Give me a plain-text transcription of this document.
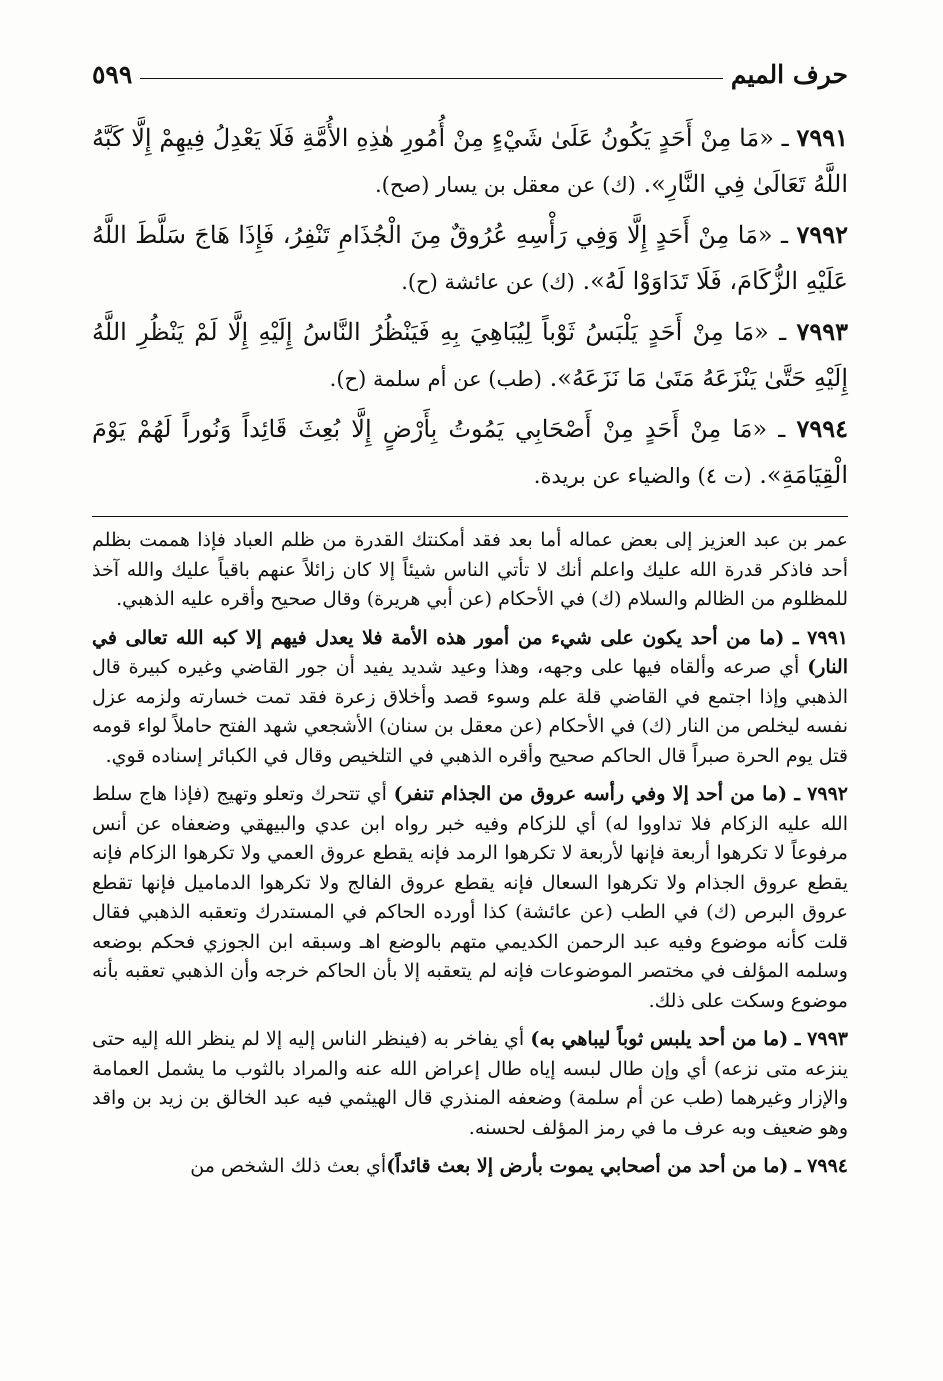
حرف الميم
٥٩٩

٧٩٩١ ـ «مَا مِنْ أَحَدٍ يَكُونُ عَلَىٰ شَيْءٍ مِنْ أُمُورِ هٰذِهِ الأُمَّةِ فَلَا يَعْدِلُ فِيهِمْ إِلَّا كَبَّهُ اللَّهُ تَعَالَىٰ فِي النَّارِ». (ك) عن معقل بن يسار (صح).

٧٩٩٢ ـ «مَا مِنْ أَحَدٍ إِلَّا وَفِي رَأْسِهِ عُرُوقٌ مِنَ الْجُذَامِ تَنْفِرُ، فَإِذَا هَاجَ سَلَّطَ اللَّهُ عَلَيْهِ الزُّكَامَ، فَلَا تَدَاوَوْا لَهُ». (ك) عن عائشة (ح).

٧٩٩٣ ـ «مَا مِنْ أَحَدٍ يَلْبَسُ ثَوْباً لِيُبَاهِيَ بِهِ فَيَنْظُرُ النَّاسُ إِلَيْهِ إِلَّا لَمْ يَنْظُرِ اللَّهُ إِلَيْهِ حَتَّىٰ يَنْزَعَهُ مَتَىٰ مَا نَزَعَهُ». (طب) عن أم سلمة (ح).

٧٩٩٤ ـ «مَا مِنْ أَحَدٍ مِنْ أَصْحَابِي يَمُوتُ بِأَرْضٍ إِلَّا بُعِثَ قَائِداً وَنُوراً لَهُمْ يَوْمَ الْقِيَامَةِ». (ت ٤) والضياء عن بريدة.

عمر بن عبد العزيز إلى بعض عماله أما بعد فقد أمكنتك القدرة من ظلم العباد فإذا هممت بظلم أحد فاذكر قدرة الله عليك واعلم أنك لا تأتي الناس شيئاً إلا كان زائلاً عنهم باقياً عليك والله آخذ للمظلوم من الظالم والسلام (ك) في الأحكام (عن أبي هريرة) وقال صحيح وأقره عليه الذهبي.

٧٩٩١ ـ (ما من أحد يكون على شيء من أمور هذه الأمة فلا يعدل فيهم إلا كبه الله تعالى في النار) أي صرعه وألقاه فيها على وجهه، وهذا وعيد شديد يفيد أن جور القاضي وغيره كبيرة قال الذهبي وإذا اجتمع في القاضي قلة علم وسوء قصد وأخلاق زعرة فقد تمت خسارته ولزمه عزل نفسه ليخلص من النار (ك) في الأحكام (عن معقل بن سنان) الأشجعي شهد الفتح حاملاً لواء قومه قتل يوم الحرة صبراً قال الحاكم صحيح وأقره الذهبي في التلخيص وقال في الكبائر إسناده قوي.

٧٩٩٢ ـ (ما من أحد إلا وفي رأسه عروق من الجذام تنفر) أي تتحرك وتعلو وتهيج (فإذا هاج سلط الله عليه الزكام فلا تداووا له) أي للزكام وفيه خبر رواه ابن عدي والبيهقي وضعفاه عن أنس مرفوعاً لا تكرهوا أربعة فإنها لأربعة لا تكرهوا الرمد فإنه يقطع عروق العمي ولا تكرهوا الزكام فإنه يقطع عروق الجذام ولا تكرهوا السعال فإنه يقطع عروق الفالج ولا تكرهوا الدماميل فإنها تقطع عروق البرص (ك) في الطب (عن عائشة) كذا أورده الحاكم في المستدرك وتعقبه الذهبي فقال قلت كأنه موضوع وفيه عبد الرحمن الكديمي متهم بالوضع اهـ وسبقه ابن الجوزي فحكم بوضعه وسلمه المؤلف في مختصر الموضوعات فإنه لم يتعقبه إلا بأن الحاكم خرجه وأن الذهبي تعقبه بأنه موضوع وسكت على ذلك.

٧٩٩٣ ـ (ما من أحد يلبس ثوباً ليباهي به) أي يفاخر به (فينظر الناس إليه إلا لم ينظر الله إليه حتى ينزعه متى نزعه) أي وإن طال لبسه إياه طال إعراض الله عنه والمراد بالثوب ما يشمل العمامة والإزار وغيرهما (طب عن أم سلمة) وضعفه المنذري قال الهيثمي فيه عبد الخالق بن زيد بن واقد وهو ضعيف وبه عرف ما في رمز المؤلف لحسنه.

٧٩٩٤ ـ (ما من أحد من أصحابي يموت بأرض إلا بعث قائداً)أي بعث ذلك الشخص من
